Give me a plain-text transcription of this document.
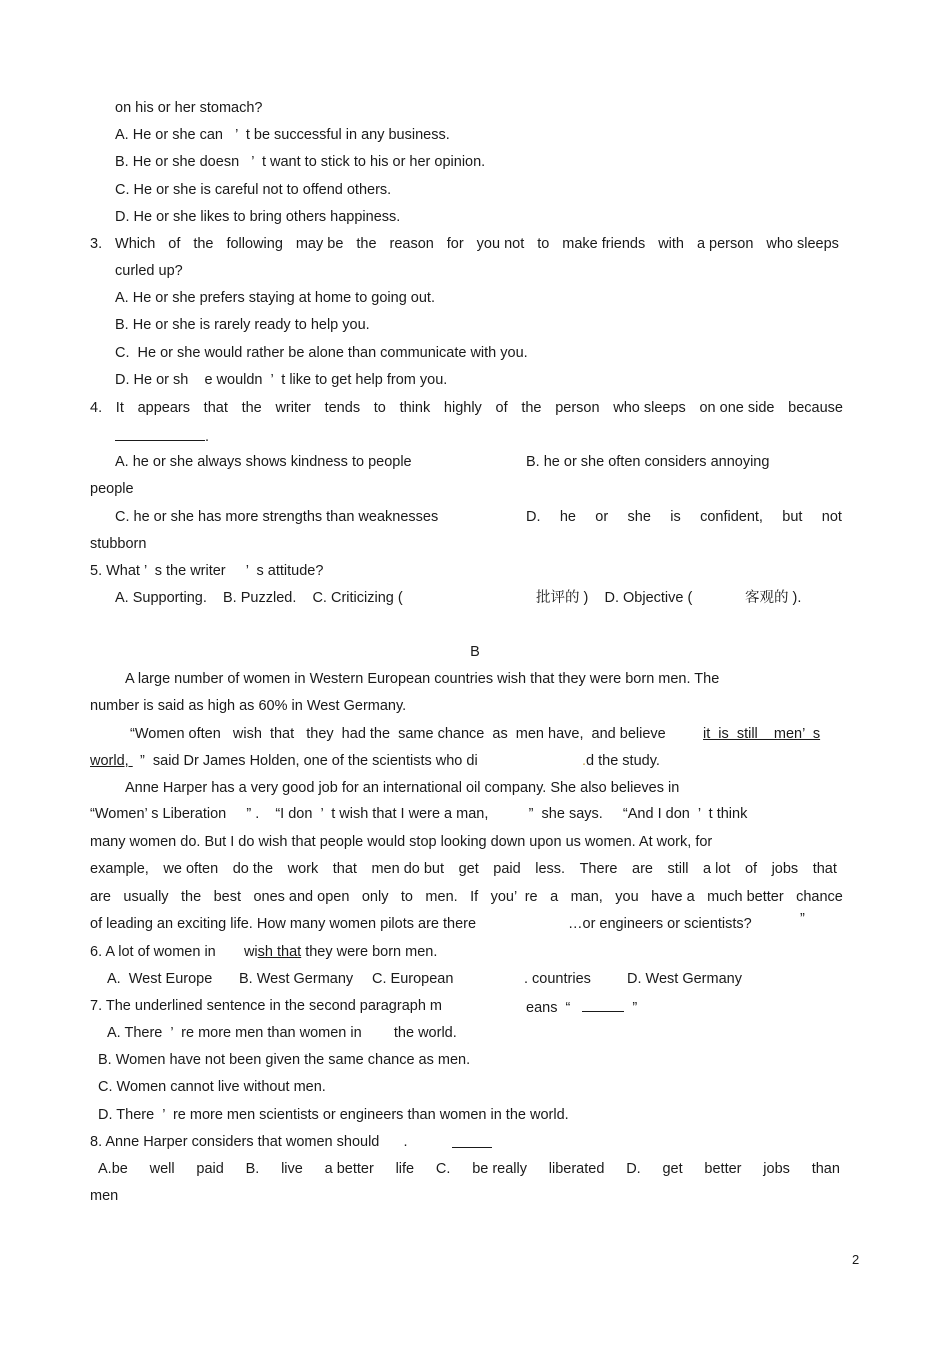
on his or her stomach?
A. He or she can   ’  t be successful in any business.
B. He or she doesn   ’  t want to stick to his or her opinion.
C. He or she is careful not to offend others.
D. He or she likes to bring others happiness.
3. Which of the following may be the reason for you not to make friends with a person who sleeps
curled up?
A. He or she prefers staying at home to going out.
B. He or she is rarely ready to help you.
C.  He or she would rather be alone than communicate with you.
D. He or sh    e wouldn  ’  t like to get help from you.
4. It appears that the writer tends to think highly of the person who sleeps on one side because
.
A. he or she always shows kindness to people	B. he or she often considers annoying
people
C. he or she has more strengths than weaknesses	D. he or she is confident, but not
stubborn
5. What ’  s the writer     ’  s attitude?
A. Supporting.    B. Puzzled.    C. Criticizing (	批评的 )    D. Objective (	客观的 ).
B
A large number of women in Western European countries wish that they were born men. The
number is said as high as 60% in West Germany.
“Women often   wish  that   they  had the  same chance  as  men have,  and believe	it  is  still    men’  s
world, ”  said Dr James Holden, one of the scientists who di	.d the study.
Anne Harper has a very good job for an international oil company. She also believes in
“Women’ s Liberation     ” .    “I don  ’  t wish that I were a man,          ”  she says.     “And I don  ’  t think
many women do. But I do wish that people would stop looking down upon us women. At work, for
example, we often do the work that men do but get paid less. There are still a lot of jobs that
are usually the best ones and open only to men. If you’  re a man, you have a much better chance
of leading an exciting life. How many women pilots are there	…or engineers or scientists?	”
6. A lot of women in       wish that they were born men.
A.  West Europe B. West Germany C. European	. countries D. West Germany
7. The underlined sentence in the second paragraph m	eans  “	”
A. There  ’  re more men than women in        the world.
B. Women have not been given the same chance as men.
C. Women cannot live without men.
D. There  ’  re more men scientists or engineers than women in the world.
8. Anne Harper considers that women should      .
A.be well paid B. live a better life C. be really liberated D. get better jobs than
men
2
